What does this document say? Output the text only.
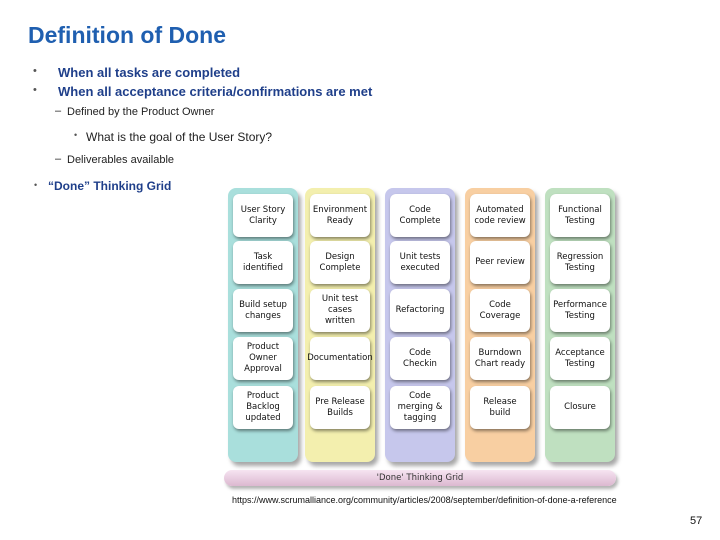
Definition of Done
• When all tasks are completed
• When all acceptance criteria/confirmations are met
– Defined by the Product Owner
• What is the goal of the User Story?
– Deliverables available
• “Done” Thinking Grid
User Story Clarity
Task identified
Build setup changes
Product Owner Approval
Product Backlog updated
Environment Ready
Design Complete
Unit test cases written
Documentation
Pre Release Builds
Code Complete
Unit tests executed
Refactoring
Code Checkin
Code merging & tagging
Automated code review
Peer review
Code Coverage
Burndown Chart ready
Release build
Functional Testing
Regression Testing
Performance Testing
Acceptance Testing
Closure
'Done' Thinking Grid
https://www.scrumalliance.org/community/articles/2008/september/definition-of-done-a-reference
57
